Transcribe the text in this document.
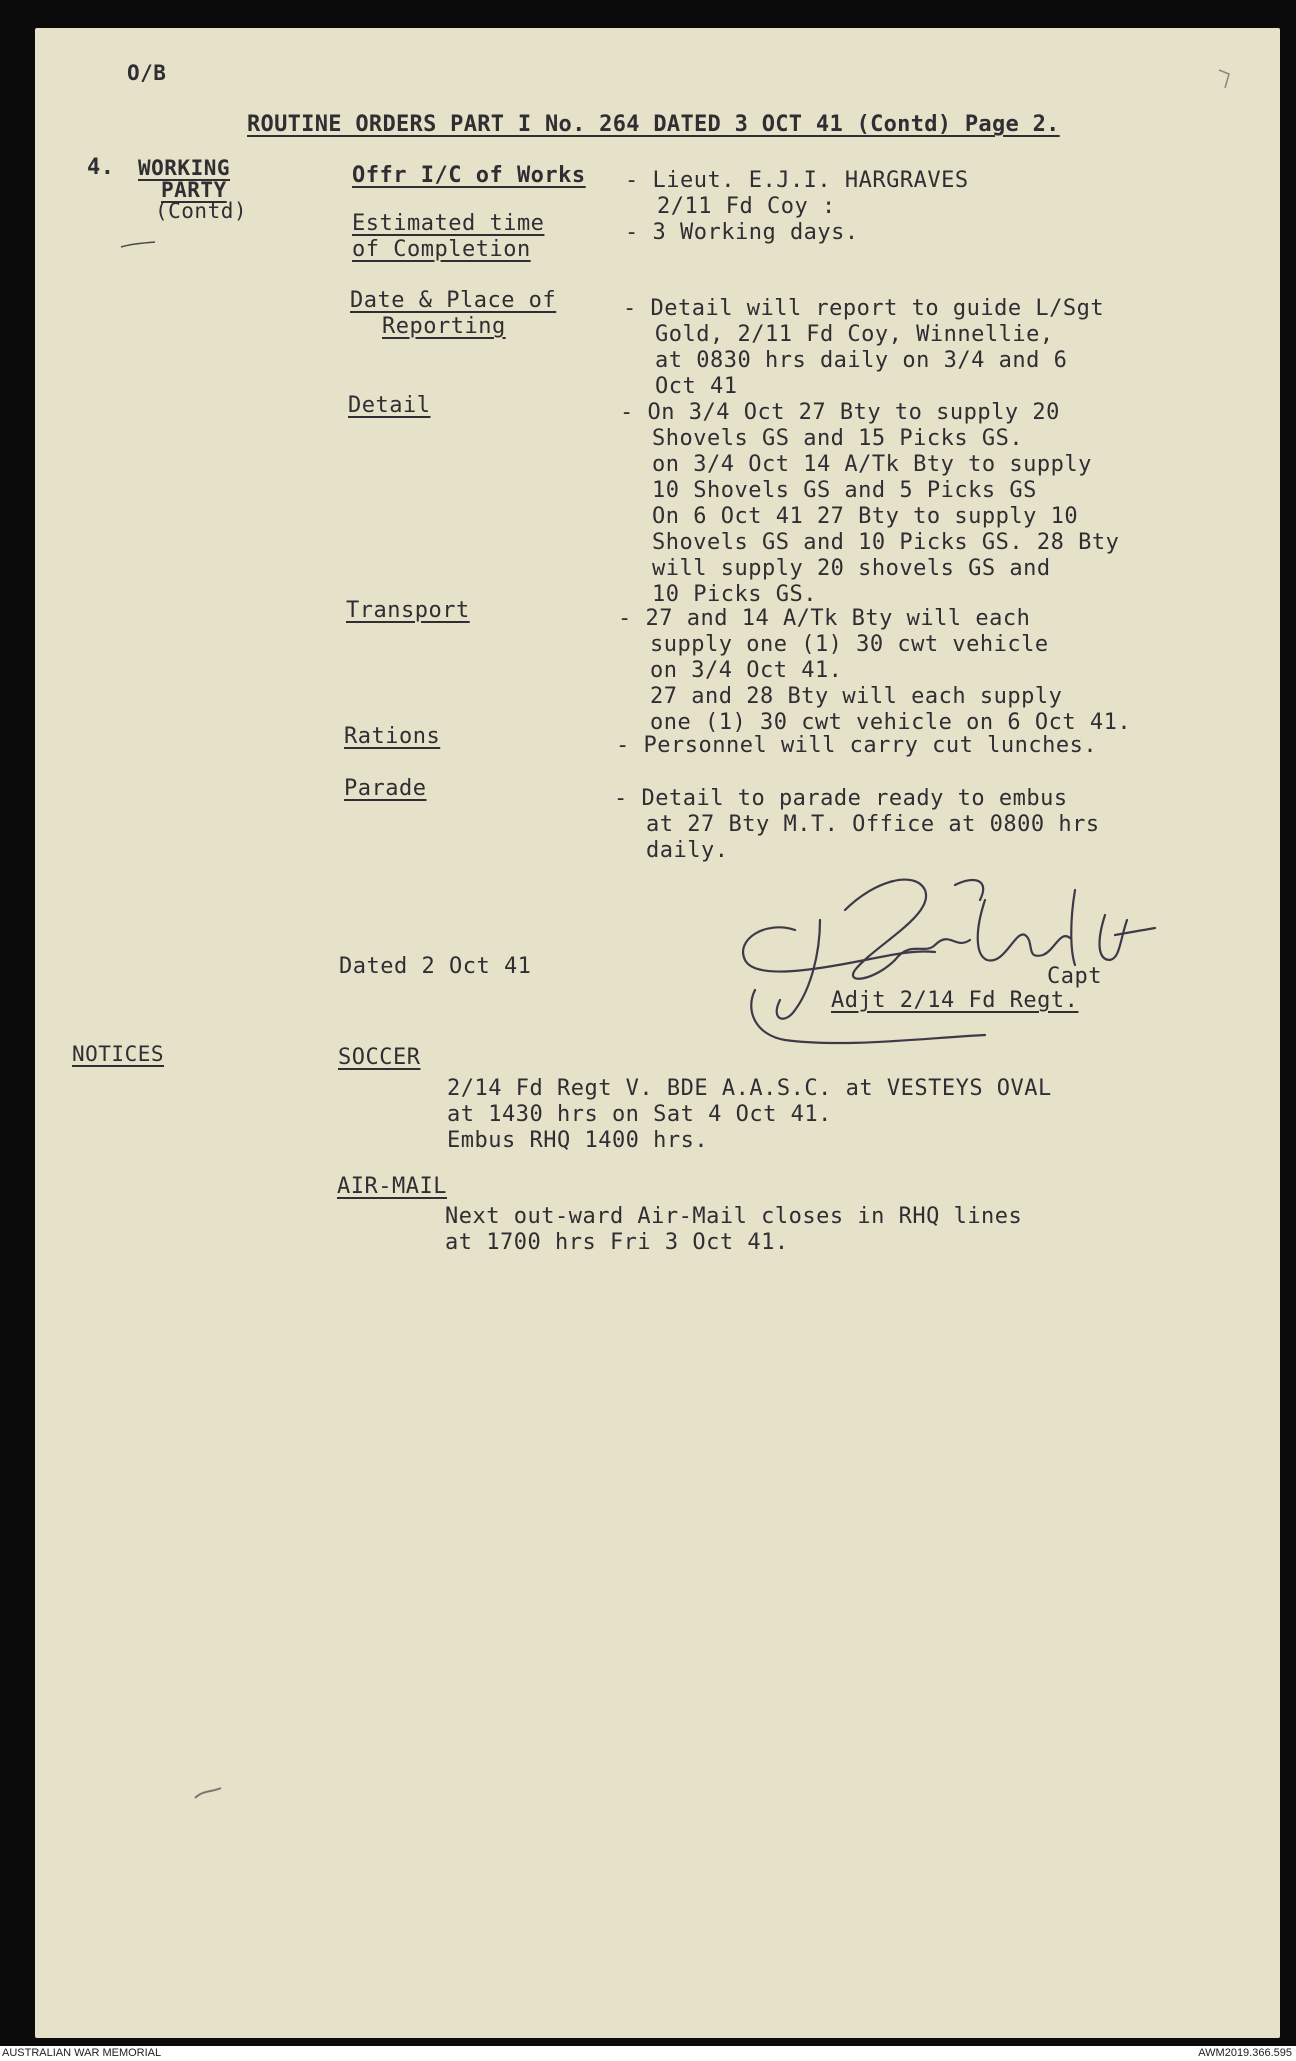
O/B
ROUTINE ORDERS PART I No. 264 DATED 3 OCT 41 (Contd) Page 2.
4. WORKING
PARTY
(Contd)
Offr I/C of Works - Lieut. E.J.I. HARGRAVES
2/11 Fd Coy :
Estimated time
of Completion
- 3 Working days.
Date & Place of
Reporting
- Detail will report to guide L/Sgt
Gold, 2/11 Fd Coy, Winnellie,
at 0830 hrs daily on 3/4 and 6
Oct 41
Detail	- On 3/4 Oct 27 Bty to supply 20
Shovels GS and 15 Picks GS.
on 3/4 Oct 14 A/Tk Bty to supply
10 Shovels GS and 5 Picks GS
On 6 Oct 41 27 Bty to supply 10
Shovels GS and 10 Picks GS. 28 Bty
will supply 20 shovels GS and
10 Picks GS.
Transport	- 27 and 14 A/Tk Bty will each
supply one (1) 30 cwt vehicle
on 3/4 Oct 41.
27 and 28 Bty will each supply
one (1) 30 cwt vehicle on 6 Oct 41.
Rations	- Personnel will carry cut lunches.
Parade	- Detail to parade ready to embus
at 27 Bty M.T. Office at 0800 hrs
daily.
Dated 2 Oct 41	Capt
Adjt 2/14 Fd Regt.
NOTICES	SOCCER
2/14 Fd Regt V. BDE A.A.S.C. at VESTEYS OVAL
at 1430 hrs on Sat 4 Oct 41.
Embus RHQ 1400 hrs.
AIR-MAIL
Next out-ward Air-Mail closes in RHQ lines
at 1700 hrs Fri 3 Oct 41.
AUSTRALIAN WAR MEMORIAL	AWM2019.366.595
